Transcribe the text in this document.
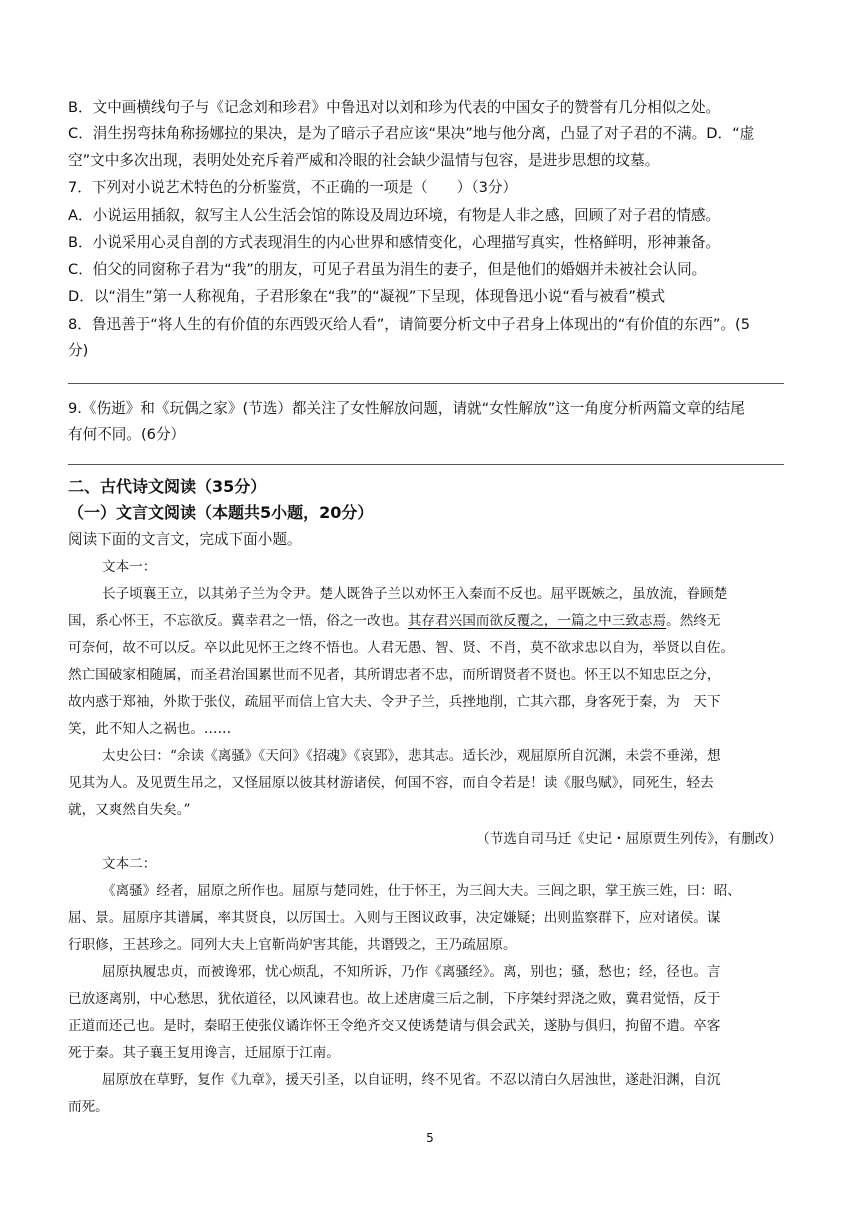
B．文中画横线句子与《记念刘和珍君》中鲁迅对以刘和珍为代表的中国女子的赞誉有几分相似之处。
C．涓生拐弯抹角称扬娜拉的果决，是为了暗示子君应该“果决”地与他分离，凸显了对子君的不满。D．“虚
空”文中多次出现，表明处处充斥着严威和冷眼的社会缺少温情与包容，是进步思想的坟墓。
7．下列对小说艺术特色的分析鉴赏，不正确的一项是（　　）（3分）
A．小说运用插叙，叙写主人公生活会馆的陈设及周边环境，有物是人非之感，回顾了对子君的情感。
B．小说采用心灵自剖的方式表现涓生的内心世界和感情变化，心理描写真实，性格鲜明，形神兼备。
C．伯父的同窗称子君为“我”的朋友，可见子君虽为涓生的妻子，但是他们的婚姻并未被社会认同。
D．以“涓生”第一人称视角，子君形象在“我”的“凝视”下呈现，体现鲁迅小说“看与被看”模式
8．鲁迅善于“将人生的有价值的东西毁灭给人看”，请简要分析文中子君身上体现出的“有价值的东西”。(5
分)
9.《伤逝》和《玩偶之家》(节选）都关注了女性解放问题，请就“女性解放”这一角度分析两篇文章的结尾
有何不同。(6分）
二、古代诗文阅读（35分）
（一）文言文阅读（本题共5小题，20分）
阅读下面的文言文，完成下面小题。
文本一：
长子顷襄王立，以其弟子兰为令尹。楚人既咎子兰以劝怀王入秦而不反也。屈平既嫉之，虽放流，眷顾楚
国，系心怀王，不忘欲反。冀幸君之一悟，俗之一改也。其存君兴国而欲反覆之，一篇之中三致志焉。然终无
可奈何，故不可以反。卒以此见怀王之终不悟也。人君无愚、智、贤、不肖，莫不欲求忠以自为，举贤以自佐。
然亡国破家相随属，而圣君治国累世而不见者，其所谓忠者不忠，而所谓贤者不贤也。怀王以不知忠臣之分，
故内惑于郑袖，外欺于张仪，疏屈平而信上官大夫、令尹子兰，兵挫地削，亡其六郡，身客死于秦，为　天下
笑，此不知人之祸也。……
太史公曰：“余读《离骚》《天问》《招魂》《哀郢》，悲其志。适长沙，观屈原所自沉渊，未尝不垂涕，想
见其为人。及见贾生吊之，又怪屈原以彼其材游诸侯，何国不容，而自令若是！读《服鸟赋》，同死生，轻去
就，又爽然自失矣。”
（节选自司马迁《史记・屈原贾生列传》，有删改）
文本二：
《离骚》经者，屈原之所作也。屈原与楚同姓，仕于怀王，为三闾大夫。三闾之职，掌王族三姓，曰：昭、
屈、景。屈原序其谱属，率其贤良，以厉国士。入则与王图议政事，决定嫌疑；出则监察群下，应对诸侯。谋
行职修，王甚珍之。同列大夫上官靳尚妒害其能，共谮毁之，王乃疏屈原。
屈原执履忠贞，而被谗邪，忧心烦乱，不知所诉，乃作《离骚经》。离，别也；骚，愁也；经，径也。言
已放逐离别，中心愁思，犹依道径，以风谏君也。故上述唐虞三后之制，下序桀纣羿浇之败，冀君觉悟，反于
正道而还己也。是时，秦昭王使张仪谲诈怀王令绝齐交又使诱楚请与俱会武关，遂胁与俱归，拘留不遣。卒客
死于秦。其子襄王复用谗言，迁屈原于江南。
屈原放在草野，复作《九章》，援天引圣，以自证明，终不见省。不忍以清白久居浊世，遂赴汨渊，自沉
而死。
5
